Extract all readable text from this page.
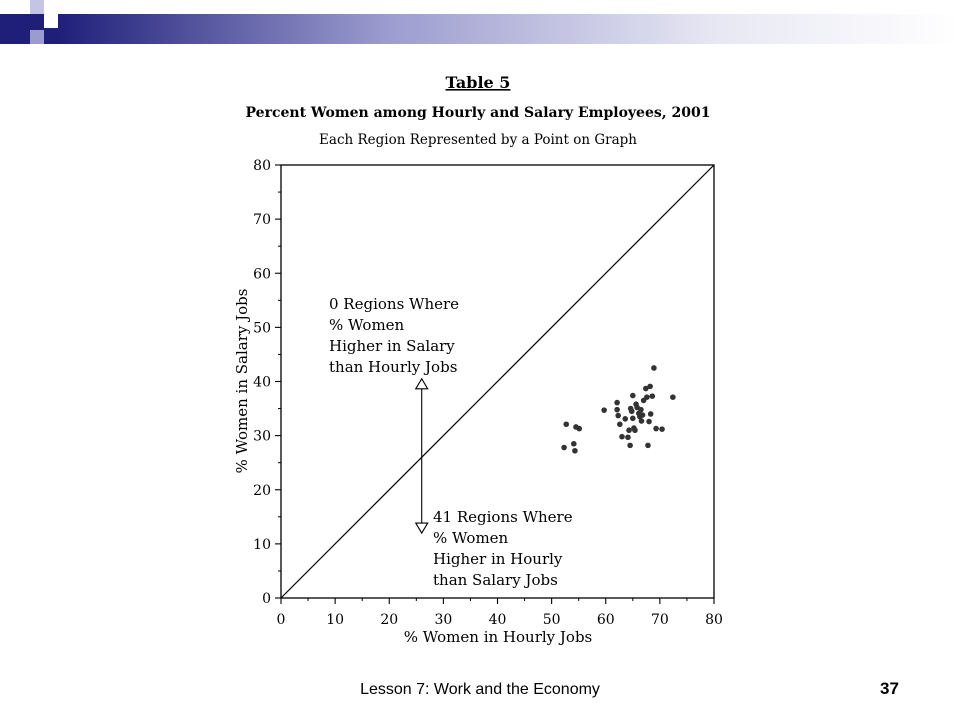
Table 5
Percent Women among Hourly and Salary Employees, 2001
Each Region Represented by a Point on Graph
0	10	20	30	40	50	60	70	80
0
10
20
30
40
50
60
70
80
% Women in Hourly Jobs
% Women in Salary Jobs	0 Regions Where
% Women
Higher in Salary
than Hourly Jobs
41 Regions Where
% Women
Higher in Hourly
than Salary Jobs
Lesson 7: Work and the Economy	37
